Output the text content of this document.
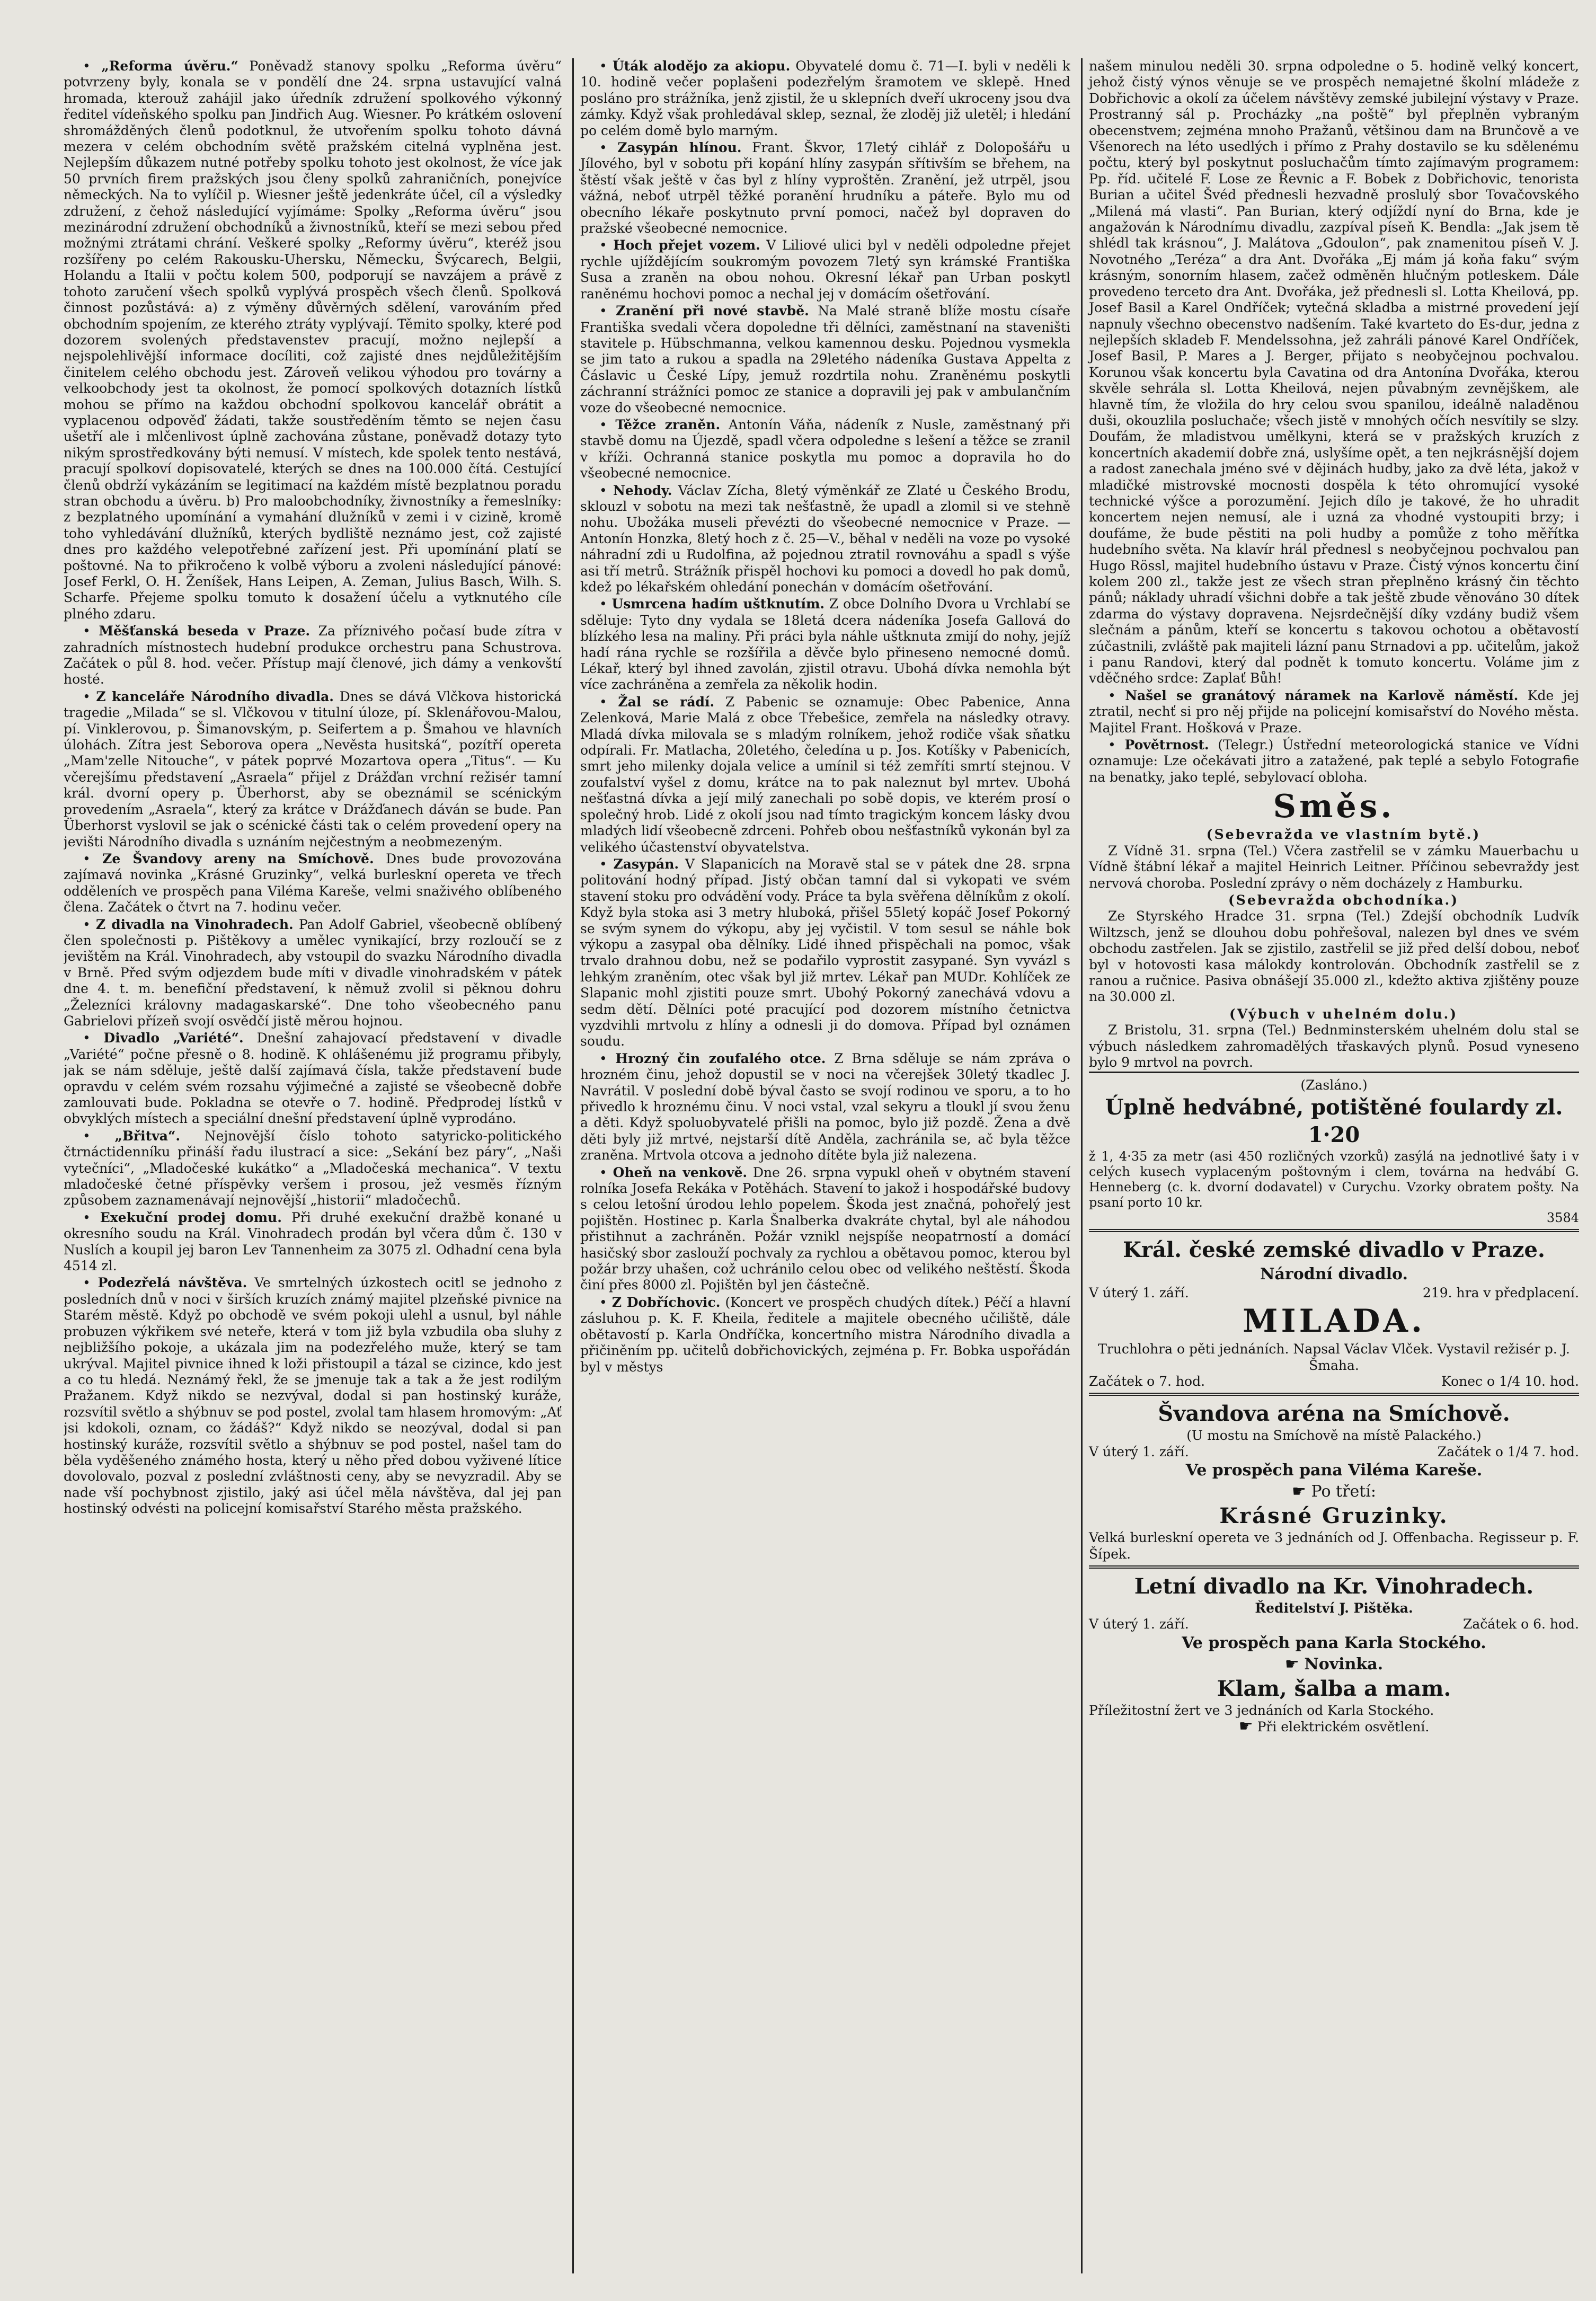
• „Reforma úvěru.“ Poněvadž stanovy spolku „Reforma úvěru“ potvrzeny byly, konala se v pondělí dne 24. srpna ustavující valná hromada, kterouž zahájil jako úředník združení spolkového výkonný ředitel vídeňského spolku pan Jindřich Aug. Wiesner. Po krátkém oslovení shromážděných členů podotknul, že utvořením spolku tohoto dávná mezera v celém obchodním světě pražském citelná vyplněna jest. Nejlepším důkazem nutné potřeby spolku tohoto jest okolnost, že více jak 50 prvních firem pražských jsou členy spolků zahraničních, ponejvíce německých. Na to vylíčil p. Wiesner ještě jedenkráte účel, cíl a výsledky združení, z čehož následující vyjímáme: Spolky „Reforma úvěru“ jsou mezinárodní združení obchodníků a živnostníků, kteří se mezi sebou před možnými ztrátami chrání. Veškeré spolky „Reformy úvěru“, kteréž jsou rozšířeny po celém Rakousku-Uhersku, Německu, Švýcarech, Belgii, Holandu a Italii v počtu kolem 500, podporují se navzájem a právě z tohoto zaručení všech spolků vyplývá prospěch všech členů. Spolková činnost pozůstává: a) z výměny důvěrných sdělení, varováním před obchodním spojením, ze kterého ztráty vyplývají. Těmito spolky, které pod dozorem svolených představenstev pracují, možno nejlepší a nejspolehlivější informace docíliti, což zajisté dnes nejdůležitějším činitelem celého obchodu jest. Zároveň velikou výhodou pro továrny a velkoobchody jest ta okolnost, že pomocí spolkových dotazních lístků mohou se přímo na každou obchodní spolkovou kancelář obrátit a vyplacenou odpověď žádati, takže soustředěním těmto se nejen času ušetří ale i mlčenlivost úplně zachována zůstane, poněvadž dotazy tyto nikým sprostředkovány býti nemusí. V místech, kde spolek tento nestává, pracují spolkoví dopisovatelé, kterých se dnes na 100.000 čítá. Cestující členů obdrží vykázáním se legitimací na každém místě bezplatnou poradu stran obchodu a úvěru. b) Pro maloobchodníky, živnostníky a řemeslníky: z bezplatného upomínání a vymahání dlužníků v zemi i v cizině, kromě toho vyhledávání dlužníků, kterých bydliště neznámo jest, což zajisté dnes pro každého velepotřebné zařízení jest. Při upomínání platí se poštovné. Na to přikročeno k volbě výboru a zvoleni následující pánové: Josef Ferkl, O. H. Ženíšek, Hans Leipen, A. Zeman, Julius Basch, Wilh. S. Scharfe. Přejeme spolku tomuto k dosažení účelu a vytknutého cíle plného zdaru.

• Měšťanská beseda v Praze. Za příznivého počasí bude zítra v zahradních místnostech hudební produkce orchestru pana Schustrova. Začátek o půl 8. hod. večer. Přístup mají členové, jich dámy a venkovští hosté.

• Z kanceláře Národního divadla. Dnes se dává Vlčkova historická tragedie „Milada“ se sl. Vlčkovou v titulní úloze, pí. Sklenářovou-Malou, pí. Vinklerovou, p. Šimanovským, p. Seifertem a p. Šmahou ve hlavních úlohách. Zítra jest Seborova opera „Nevěsta husitská“, pozítří opereta „Mam'zelle Nitouche“, v pátek poprvé Mozartova opera „Titus“. — Ku včerejšímu představení „Asraela“ přijel z Drážďan vrchní režisér tamní král. dvorní opery p. Überhorst, aby se obeznámil se scénickým provedením „Asraela“, který za krátce v Drážďanech dáván se bude. Pan Überhorst vyslovil se jak o scénické části tak o celém provedení opery na jevišti Národního divadla s uznáním nejčestným a neobmezeným.

• Ze Švandovy areny na Smíchově. Dnes bude provozována zajímavá novinka „Krásné Gruzinky“, velká burleskní opereta ve třech odděleních ve prospěch pana Viléma Kareše, velmi snaživého oblíbeného člena. Začátek o čtvrt na 7. hodinu večer.

• Z divadla na Vinohradech. Pan Adolf Gabriel, všeobecně oblíbený člen společnosti p. Pištěkovy a umělec vynikající, brzy rozloučí se z jevištěm na Král. Vinohradech, aby vstoupil do svazku Národního divadla v Brně. Před svým odjezdem bude míti v divadle vinohradském v pátek dne 4. t. m. benefiční představení, k němuž zvolil si pěknou dohru „Železníci královny madagaskarské“. Dne toho všeobecného panu Gabrielovi přízeň svojí osvědčí jistě měrou hojnou.

• Divadlo „Variété“. Dnešní zahajovací představení v divadle „Variété“ počne přesně o 8. hodině. K ohlášenému již programu přibyly, jak se nám sděluje, ještě další zajímavá čísla, takže představení bude opravdu v celém svém rozsahu výjimečné a zajisté se všeobecně dobře zamlouvati bude. Pokladna se otevře o 7. hodině. Předprodej lístků v obvyklých místech a speciální dnešní představení úplně vyprodáno.

• „Břitva“. Nejnovější číslo tohoto satyricko-politického čtrnáctidenníku přináší řadu ilustrací a sice: „Sekání bez páry“, „Naši vytečníci“, „Mladočeské kukátko“ a „Mladočeská mechanica“. V textu mladočeské četné příspěvky veršem i prosou, jež vesměs řízným způsobem zaznamenávají nejnovější „historii“ mladočechů.

• Exekuční prodej domu. Při druhé exekuční dražbě konané u okresního soudu na Král. Vinohradech prodán byl včera dům č. 130 v Nuslích a koupil jej baron Lev Tannenheim za 3075 zl. Odhadní cena byla 4514 zl.

• Podezřelá návštěva. Ve smrtelných úzkostech ocitl se jednoho z posledních dnů v noci v širších kruzích známý majitel plzeňské pivnice na Starém městě. Když po obchodě ve svém pokoji ulehl a usnul, byl náhle probuzen výkřikem své neteře, která v tom již byla vzbudila oba sluhy z nejbližšího pokoje, a ukázala jim na podezřelého muže, který se tam ukrýval. Majitel pivnice ihned k loži přistoupil a tázal se cizince, kdo jest a co tu hledá. Neznámý řekl, že se jmenuje tak a tak a že jest rodilým Pražanem. Když nikdo se nezvýval, dodal si pan hostinský kuráže, rozsvítil světlo a shýbnuv se pod postel, zvolal tam hlasem hromovým: „Ať jsi kdokoli, oznam, co žádáš?“ Když nikdo se neozýval, dodal si pan hostinský kuráže, rozsvítil světlo a shýbnuv se pod postel, našel tam do běla vyděšeného známého hosta, který u něho před dobou vyživené lítice dovolovalo, pozval z poslední zvláštnosti ceny, aby se nevyzradil. Aby se nade vší pochybnost zjistilo, jaký asi účel měla návštěva, dal jej pan hostinský odvésti na policejní komisařství Starého města pražského.

• Úták alodějo za akiopu. Obyvatelé domu č. 71—I. byli v neděli k 10. hodině večer poplašeni podezřelým šramotem ve sklepě. Hned posláno pro strážníka, jenž zjistil, že u sklepních dveří ukroceny jsou dva zámky. Když však prohledával sklep, seznal, že zloděj již uletěl; i hledání po celém domě bylo marným.

• Zasypán hlínou. Frant. Škvor, 17letý cihlář z Dolopošářu u Jílového, byl v sobotu při kopání hlíny zasypán sřítivším se břehem, na štěstí však ještě v čas byl z hlíny vyproštěn. Zranění, jež utrpěl, jsou vážná, neboť utrpěl těžké poranění hrudníku a páteře. Bylo mu od obecního lékaře poskytnuto první pomoci, načež byl dopraven do pražské všeobecné nemocnice.

• Hoch přejet vozem. V Liliové ulici byl v neděli odpoledne přejet rychle ujíždějícím soukromým povozem 7letý syn krámské Františka Susa a zraněn na obou nohou. Okresní lékař pan Urban poskytl raněnému hochovi pomoc a nechal jej v domácím ošetřování.

• Zranění při nové stavbě. Na Malé straně blíže mostu císaře Františka svedali včera dopoledne tři dělníci, zaměstnaní na staveništi stavitele p. Hübschmanna, velkou kamennou desku. Pojednou vysmekla se jim tato a rukou a spadla na 29letého nádeníka Gustava Appelta z Čáslavic u České Lípy, jemuž rozdrtila nohu. Zraněnému poskytli záchranní strážníci pomoc ze stanice a dopravili jej pak v ambulančním voze do všeobecné nemocnice.

• Těžce zraněn. Antonín Váňa, nádeník z Nusle, zaměstnaný při stavbě domu na Újezdě, spadl včera odpoledne s lešení a těžce se zranil v kříži. Ochranná stanice poskytla mu pomoc a dopravila ho do všeobecné nemocnice.

• Nehody. Václav Zícha, 8letý výměnkář ze Zlaté u Českého Brodu, sklouzl v sobotu na mezi tak nešťastně, že upadl a zlomil si ve stehně nohu. Ubožáka museli převézti do všeobecné nemocnice v Praze. — Antonín Honzka, 8letý hoch z č. 25—V., běhal v neděli na voze po vysoké náhradní zdi u Rudolfina, až pojednou ztratil rovnováhu a spadl s výše asi tří metrů. Strážník přispěl hochovi ku pomoci a dovedl ho pak domů, kdež po lékařském ohledání ponechán v domácím ošetřování.

• Usmrcena hadím uštknutím. Z obce Dolního Dvora u Vrchlabí se sděluje: Tyto dny vydala se 18letá dcera nádeníka Josefa Gallová do blízkého lesa na maliny. Při práci byla náhle uštknuta zmijí do nohy, jejíž hadí rána rychle se rozšířila a děvče bylo přineseno nemocné domů. Lékař, který byl ihned zavolán, zjistil otravu. Ubohá dívka nemohla být více zachráněna a zemřela za několik hodin.

• Žal se rádí. Z Pabenic se oznamuje: Obec Pabenice, Anna Zelenková, Marie Malá z obce Třebešice, zemřela na následky otravy. Mladá dívka milovala se s mladým rolníkem, jehož rodiče však sňatku odpírali. Fr. Matlacha, 20letého, čeledína u p. Jos. Kotíšky v Pabenicích, smrt jeho milenky dojala velice a umínil si též zemříti smrtí stejnou. V zoufalství vyšel z domu, krátce na to pak naleznut byl mrtev. Ubohá nešťastná dívka a její milý zanechali po sobě dopis, ve kterém prosí o společný hrob. Lidé z okolí jsou nad tímto tragickým koncem lásky dvou mladých lidí všeobecně zdrceni. Pohřeb obou nešťastníků vykonán byl za velikého účastenství obyvatelstva.

• Zasypán. V Slapanicích na Moravě stal se v pátek dne 28. srpna politování hodný případ. Jistý občan tamní dal si vykopati ve svém stavení stoku pro odvádění vody. Práce ta byla svěřena dělníkům z okolí. Když byla stoka asi 3 metry hluboká, přišel 55letý kopáč Josef Pokorný se svým synem do výkopu, aby jej vyčistil. V tom sesul se náhle bok výkopu a zasypal oba dělníky. Lidé ihned přispěchali na pomoc, však trvalo drahnou dobu, než se podařilo vyprostit zasypané. Syn vyvázl s lehkým zraněním, otec však byl již mrtev. Lékař pan MUDr. Kohlíček ze Slapanic mohl zjistiti pouze smrt. Ubohý Pokorný zanechává vdovu a sedm dětí. Dělníci poté pracující pod dozorem místního četnictva vyzdvihli mrtvolu z hlíny a odnesli ji do domova. Případ byl oznámen soudu.

• Hrozný čin zoufalého otce. Z Brna sděluje se nám zpráva o hrozném činu, jehož dopustil se v noci na včerejšek 30letý tkadlec J. Navrátil. V poslední době býval často se svojí rodinou ve sporu, a to ho přivedlo k hroznému činu. V noci vstal, vzal sekyru a tloukl jí svou ženu a děti. Když spoluobyvatelé přišli na pomoc, bylo již pozdě. Žena a dvě děti byly již mrtvé, nejstarší dítě Anděla, zachránila se, ač byla těžce zraněna. Mrtvola otcova a jednoho dítěte byla již nalezena.

• Oheň na venkově. Dne 26. srpna vypukl oheň v obytném stavení rolníka Josefa Rekáka v Potěhách. Stavení to jakož i hospodářské budovy s celou letošní úrodou lehlo popelem. Škoda jest značná, pohořelý jest pojištěn. Hostinec p. Karla Šnalberka dvakráte chytal, byl ale náhodou přistihnut a zachráněn. Požár vznikl nejspíše neopatrností a domácí hasičský sbor zaslouží pochvaly za rychlou a obětavou pomoc, kterou byl požár brzy uhašen, což uchránilo celou obec od velikého neštěstí. Škoda činí přes 8000 zl. Pojištěn byl jen částečně.

• Z Dobříchovic. (Koncert ve prospěch chudých dítek.) Péčí a hlavní zásluhou p. K. F. Kheila, ředitele a majitele obecného učiliště, dále obětavostí p. Karla Ondříčka, koncertního mistra Národního divadla a přičiněním pp. učitelů dobřichovických, zejména p. Fr. Bobka uspořádán byl v městys

našem minulou neděli 30. srpna odpoledne o 5. hodině velký koncert, jehož čistý výnos věnuje se ve prospěch nemajetné školní mládeže z Dobřichovic a okolí za účelem návštěvy zemské jubilejní výstavy v Praze. Prostranný sál p. Procházky „na poště“ byl přeplněn vybraným obecenstvem; zejména mnoho Pražanů, většinou dam na Brunčově a ve Všenorech na léto usedlých i přímo z Prahy dostavilo se ku sdělenému počtu, který byl poskytnut posluchačům tímto zajímavým programem: Pp. říd. učitelé F. Lose ze Řevnic a F. Bobek z Dobřichovic, tenorista Burian a učitel Švéd přednesli hezvadně proslulý sbor Tovačovského „Milená má vlasti“. Pan Burian, který odjíždí nyní do Brna, kde je angažován k Národnímu divadlu, zazpíval píseň K. Bendla: „Jak jsem tě shlédl tak krásnou“, J. Malátova „Gdoulon“, pak znamenitou píseň V. J. Novotného „Teréza“ a dra Ant. Dvořáka „Ej mám já koňa faku“ svým krásným, sonorním hlasem, začež odměněn hlučným potleskem. Dále provedeno terceto dra Ant. Dvořáka, jež přednesli sl. Lotta Kheilová, pp. Josef Basil a Karel Ondříček; vytečná skladba a mistrné provedení její napnuly všechno obecenstvo nadšením. Také kvarteto do Es-dur, jedna z nejlepších skladeb F. Mendelssohna, jež zahráli pánové Karel Ondříček, Josef Basil, P. Mares a J. Berger, přijato s neobyčejnou pochvalou. Korunou však koncertu byla Cavatina od dra Antonína Dvořáka, kterou skvěle sehrála sl. Lotta Kheilová, nejen půvabným zevnějškem, ale hlavně tím, že vložila do hry celou svou spanilou, ideálně naladěnou duši, okouzlila posluchače; všech jistě v mnohých očích nesvítily se slzy. Doufám, že mladistvou umělkyni, která se v pražských kruzích z koncertních akademií dobře zná, uslyšíme opět, a ten nejkrásnější dojem a radost zanechala jméno své v dějinách hudby, jako za dvě léta, jakož v mladičké mistrovské mocnosti dospěla k této ohromující vysoké technické výšce a porozumění. Jejich dílo je takové, že ho uhradit koncertem nejen nemusí, ale i uzná za vhodné vystoupiti brzy; i doufáme, že bude pěstiti na poli hudby a pomůže z toho měřítka hudebního světa. Na klavír hrál přednesl s neobyčejnou pochvalou pan Hugo Rössl, majitel hudebního ústavu v Praze. Čistý výnos koncertu činí kolem 200 zl., takže jest ze všech stran přeplněno krásný čin těchto pánů; náklady uhradí všichni dobře a tak ještě zbude věnováno 30 dítek zdarma do výstavy dopravena. Nejsrdečnější díky vzdány budiž všem slečnám a pánům, kteří se koncertu s takovou ochotou a obětavostí zúčastnili, zvláště pak majiteli lázní panu Strnadovi a pp. učitelům, jakož i panu Randovi, který dal podnět k tomuto koncertu. Voláme jim z vděčného srdce: Zaplať Bůh!

• Našel se granátový náramek na Karlově náměstí. Kde jej ztratil, nechť si pro něj přijde na policejní komisařství do Nového města. Majitel Frant. Hošková v Praze.

• Povětrnost. (Telegr.) Ústřední meteorologická stanice ve Vídni oznamuje: Lze očekávati jitro a zatažené, pak teplé a sebylo Fotografie na benatky, jako teplé, sebylovací obloha.

Směs.

(Sebevražda ve vlastním bytě.)

Z Vídně 31. srpna (Tel.) Včera zastřelil se v zámku Mauerbachu u Vídně štábní lékař a majitel Heinrich Leitner. Příčinou sebevraždy jest nervová choroba. Poslední zprávy o něm docházely z Hamburku.

(Sebevražda obchodníka.)

Ze Styrského Hradce 31. srpna (Tel.) Zdejší obchodník Ludvík Wiltzsch, jenž se dlouhou dobu pohřešoval, nalezen byl dnes ve svém obchodu zastřelen. Jak se zjistilo, zastřelil se již před delší dobou, neboť byl v hotovosti kasa málokdy kontrolován. Obchodník zastřelil se z ranou a ručnice. Pasiva obnášejí 35.000 zl., kdežto aktiva zjištěny pouze na 30.000 zl.

(Výbuch v uhelném dolu.)

Z Bristolu, 31. srpna (Tel.) Bednminsterském uhelném dolu stal se výbuch následkem zahromadělých třaskavých plynů. Posud vyneseno bylo 9 mrtvol na povrch.

(Zasláno.)
Úplně hedvábné, potištěné foulardy zl. 1·20
ž 1, 4·35 za metr (asi 450 rozličných vzorků) zasýlá na jednotlivé šaty i v celých kusech vyplaceným poštovným i clem, továrna na hedvábí G. Henneberg (c. k. dvorní dodavatel) v Curychu. Vzorky obratem pošty. Na psaní porto 10 kr.
3584
Král. české zemské divadlo v Praze.
Národní divadlo.
V úterý 1. září.	219. hra v předplacení.
MILADA.
Truchlohra o pěti jednáních. Napsal Václav Vlček. Vystavil režisér p. J. Šmaha.
Začátek o 7. hod.	Konec o 1/4 10. hod.
Švandova aréna na Smíchově.
(U mostu na Smíchově na místě Palackého.)
V úterý 1. září.	Začátek o 1/4 7. hod.
Ve prospěch pana Viléma Kareše.
☛ Po třetí:
Krásné Gruzinky.
Velká burleskní opereta ve 3 jednáních od J. Offenbacha. Regisseur p. F. Šípek.
Letní divadlo na Kr. Vinohradech.
Ředitelství J. Pištěka.
V úterý 1. září.	Začátek o 6. hod.
Ve prospěch pana Karla Stockého.
☛ Novinka.
Klam, šalba a mam.
Příležitostní žert ve 3 jednáních od Karla Stockého.
☛ Při elektrickém osvětlení.
